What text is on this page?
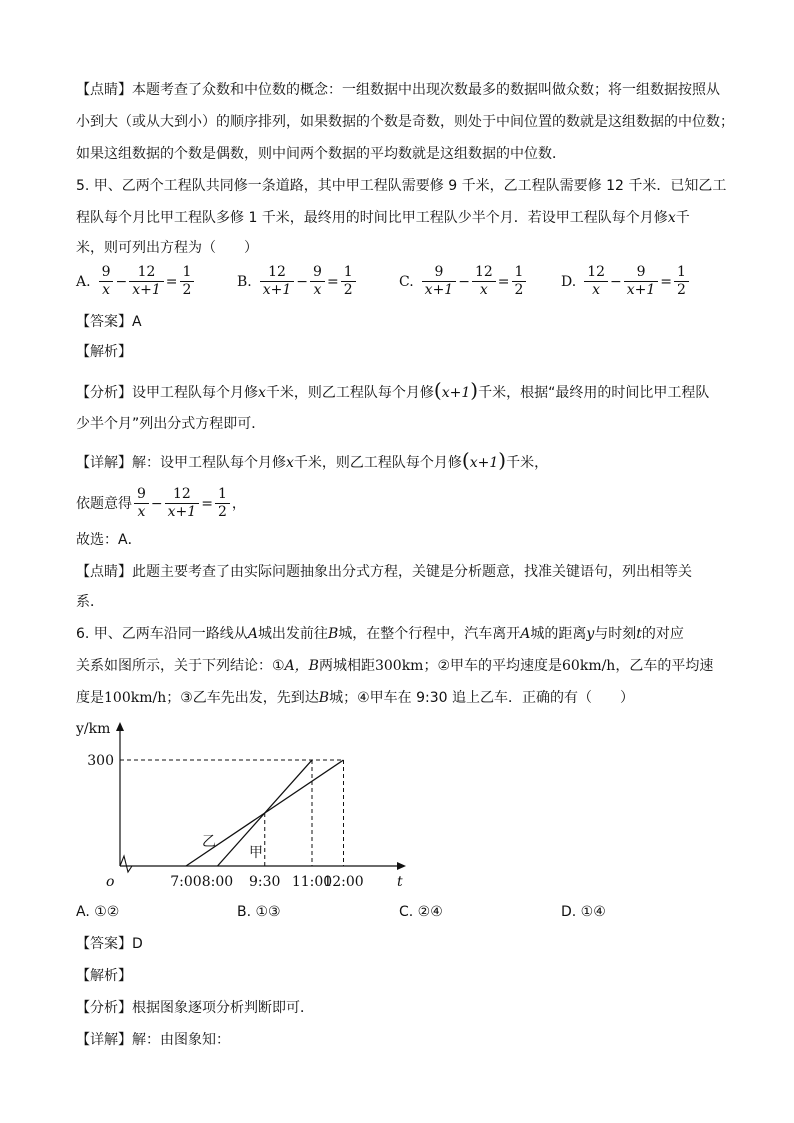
【点睛】本题考查了众数和中位数的概念：一组数据中出现次数最多的数据叫做众数；将一组数据按照从
小到大（或从大到小）的顺序排列，如果数据的个数是奇数，则处于中间位置的数就是这组数据的中位数；
如果这组数据的个数是偶数，则中间两个数据的平均数就是这组数据的中位数．
5. 甲、乙两个工程队共同修一条道路，其中甲工程队需要修 9 千米，乙工程队需要修 12 千米．已知乙工
程队每个月比甲工程队多修 1 千米，最终用的时间比甲工程队少半个月．若设甲工程队每个月修x千
米，则可列出方程为（　　）
A. $\frac{9}{x} - \frac{12}{x+1} = \frac{1}{2}$	B. $\frac{12}{x+1} - \frac{9}{x} = \frac{1}{2}$	C. $\frac{9}{x+1} - \frac{12}{x} = \frac{1}{2} D$. $\frac{12}{x} - \frac{9}{x+1} = \frac{1}{2}$
【答案】A
【解析】
【分析】设甲工程队每个月修x千米，则乙工程队每个月修(x+1)千米，根据“最终用的时间比甲工程队
少半个月”列出分式方程即可．
【详解】解：设甲工程队每个月修x千米，则乙工程队每个月修(x+1)千米，
依题意得 $\frac{9}{x} - \frac{12}{x+1} = \frac{1}{2}$ ，
故选：A．
【点睛】此题主要考查了由实际问题抽象出分式方程，关键是分析题意，找准关键语句，列出相等关
系．
6. 甲、乙两车沿同一路线从A城出发前往B城，在整个行程中，汽车离开A城的距离y与时刻t的对应
关系如图所示，关于下列结论：①A，B两城相距300km；②甲车的平均速度是60km/h，乙车的平均速
度是100km/h；③乙车先出发，先到达B城；④甲车在 9:30 追上乙车．正确的有（　　）
y/km
o	t
300
7:00 8:00 9:30 11:00
12:00
乙
甲
A. ①②	B. ①③	C. ②④	D. ①④
【答案】D
【解析】
【分析】根据图象逐项分析判断即可．
【详解】解：由图象知：
